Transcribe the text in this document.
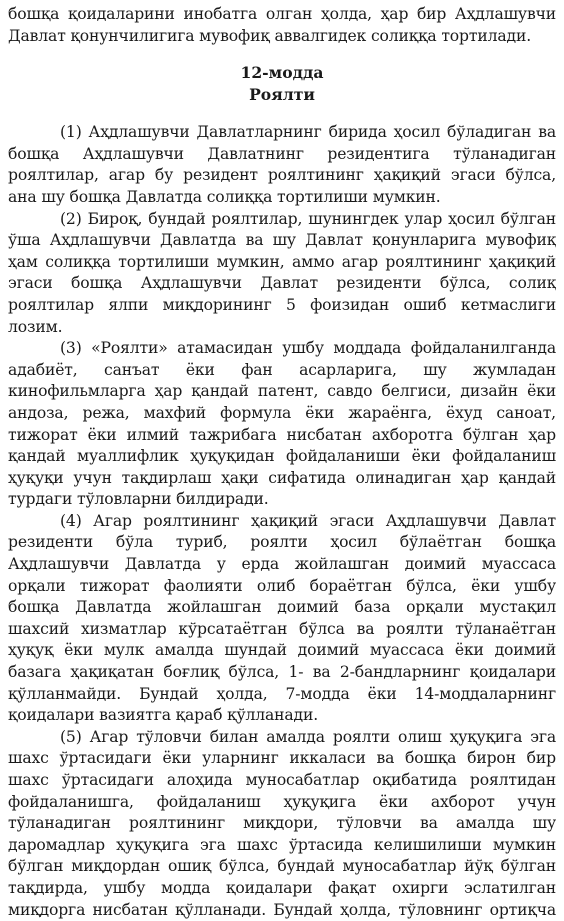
бошқа қоидаларини инобатга олган ҳолда, ҳар бир Аҳдлашувчи
Давлат қонунчилигига мувофиқ аввалгидек солиққа тортилади.
12-модда
Роялти
(1) Аҳдлашувчи Давлатларнинг бирида ҳосил бўладиган ва
бошқа Аҳдлашувчи Давлатнинг резидентига тўланадиган
роялтилар, агар бу резидент роялтининг ҳақиқий эгаси бўлса,
ана шу бошқа Давлатда солиққа тортилиши мумкин.
(2) Бироқ, бундай роялтилар, шунингдек улар ҳосил бўлган
ўша Аҳдлашувчи Давлатда ва шу Давлат қонунларига мувофиқ
ҳам солиққа тортилиши мумкин, аммо агар роялтининг ҳақиқий
эгаси бошқа Аҳдлашувчи Давлат резиденти бўлса, солиқ
роялтилар ялпи миқдорининг 5 фоизидан ошиб кетмаслиги
лозим.
(3) «Роялти» атамасидан ушбу моддада фойдаланилганда
адабиёт, санъат ёки фан асарларига, шу жумладан
кинофильмларга ҳар қандай патент, савдо белгиси, дизайн ёки
андоза, режа, махфий формула ёки жараёнга, ёхуд саноат,
тижорат ёки илмий тажрибага нисбатан ахборотга бўлган ҳар
қандай муаллифлик ҳуқуқидан фойдаланиши ёки фойдаланиш
ҳуқуқи учун тақдирлаш ҳақи сифатида олинадиган ҳар қандай
турдаги тўловларни билдиради.
(4) Агар роялтининг ҳақиқий эгаси Аҳдлашувчи Давлат
резиденти бўла туриб, роялти ҳосил бўлаётган бошқа
Аҳдлашувчи Давлатда у ерда жойлашган доимий муассаса
орқали тижорат фаолияти олиб бораётган бўлса, ёки ушбу
бошқа Давлатда жойлашган доимий база орқали мустақил
шахсий хизматлар кўрсатаётган бўлса ва роялти тўланаётган
ҳуқуқ ёки мулк амалда шундай доимий муассаса ёки доимий
базага ҳақиқатан боғлиқ бўлса, 1- ва 2-бандларнинг қоидалари
қўлланмайди. Бундай ҳолда, 7-модда ёки 14-моддаларнинг
қоидалари вазиятга қараб қўлланади.
(5) Агар тўловчи билан амалда роялти олиш ҳуқуқига эга
шахс ўртасидаги ёки уларнинг иккаласи ва бошқа бирон бир
шахс ўртасидаги алоҳида муносабатлар оқибатида роялтидан
фойдаланишга, фойдаланиш ҳуқуқига ёки ахборот учун
тўланадиган роялтининг миқдори, тўловчи ва амалда шу
даромадлар ҳуқуқига эга шахс ўртасида келишилиши мумкин
бўлган миқдордан ошиқ бўлса, бундай муносабатлар йўқ бўлган
тақдирда, ушбу модда қоидалари фақат охирги эслатилган
миқдорга нисбатан қўлланади. Бундай ҳолда, тўловнинг ортиқча
